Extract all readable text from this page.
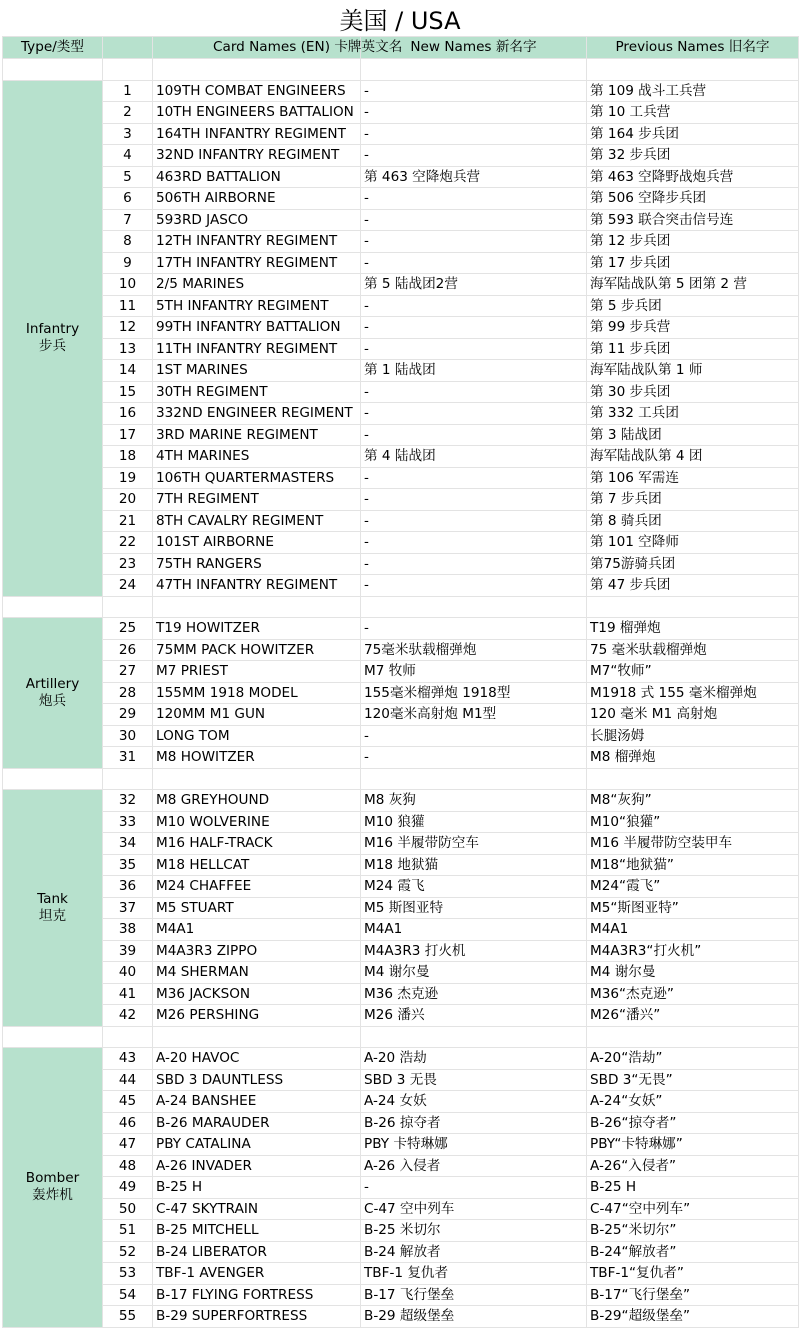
美国 / USA
Type/类型		Card Names (EN) 卡牌英文名	New Names 新名字	Previous Names 旧名字

Infantry
步兵	1	109TH COMBAT ENGINEERS	-	第 109 战斗工兵营
	2	10TH ENGINEERS BATTALION	-	第 10 工兵营
	3	164TH INFANTRY REGIMENT	-	第 164 步兵团
	4	32ND INFANTRY REGIMENT	-	第 32 步兵团
	5	463RD BATTALION	第 463 空降炮兵营	第 463 空降野战炮兵营
	6	506TH AIRBORNE	-	第 506 空降步兵团
	7	593RD JASCO	-	第 593 联合突击信号连
	8	12TH INFANTRY REGIMENT	-	第 12 步兵团
	9	17TH INFANTRY REGIMENT	-	第 17 步兵团
	10	2/5 MARINES	第 5 陆战团2营	海军陆战队第 5 团第 2 营
	11	5TH INFANTRY REGIMENT	-	第 5 步兵团
	12	99TH INFANTRY BATTALION	-	第 99 步兵营
	13	11TH INFANTRY REGIMENT	-	第 11 步兵团
	14	1ST MARINES	第 1 陆战团	海军陆战队第 1 师
	15	30TH REGIMENT	-	第 30 步兵团
	16	332ND ENGINEER REGIMENT	-	第 332 工兵团
	17	3RD MARINE REGIMENT	-	第 3 陆战团
	18	4TH MARINES	第 4 陆战团	海军陆战队第 4 团
	19	106TH QUARTERMASTERS	-	第 106 军需连
	20	7TH REGIMENT	-	第 7 步兵团
	21	8TH CAVALRY REGIMENT	-	第 8 骑兵团
	22	101ST AIRBORNE	-	第 101 空降师
	23	75TH RANGERS	-	第75游骑兵团
	24	47TH INFANTRY REGIMENT	-	第 47 步兵团

Artillery
炮兵	25	T19 HOWITZER	-	T19 榴弹炮
	26	75MM PACK HOWITZER	75毫米驮载榴弹炮	75 毫米驮载榴弹炮
	27	M7 PRIEST	M7 牧师	M7“牧师”
	28	155MM 1918 MODEL	155毫米榴弹炮 1918型	M1918 式 155 毫米榴弹炮
	29	120MM M1 GUN	120毫米高射炮 M1型	120 毫米 M1 高射炮
	30	LONG TOM	-	长腿汤姆
	31	M8 HOWITZER	-	M8 榴弹炮

Tank
坦克	32	M8 GREYHOUND	M8 灰狗	M8“灰狗”
	33	M10 WOLVERINE	M10 狼獾	M10“狼獾”
	34	M16 HALF-TRACK	M16 半履带防空车	M16 半履带防空装甲车
	35	M18 HELLCAT	M18 地狱猫	M18“地狱猫”
	36	M24 CHAFFEE	M24 霞飞	M24“霞飞”
	37	M5 STUART	M5 斯图亚特	M5“斯图亚特”
	38	M4A1	M4A1	M4A1
	39	M4A3R3 ZIPPO	M4A3R3 打火机	M4A3R3“打火机”
	40	M4 SHERMAN	M4 谢尔曼	M4 谢尔曼
	41	M36 JACKSON	M36 杰克逊	M36“杰克逊”
	42	M26 PERSHING	M26 潘兴	M26“潘兴”

Bomber
轰炸机	43	A-20 HAVOC	A-20 浩劫	A-20“浩劫”
	44	SBD 3 DAUNTLESS	SBD 3 无畏	SBD 3“无畏”
	45	A-24 BANSHEE	A-24 女妖	A-24“女妖”
	46	B-26 MARAUDER	B-26 掠夺者	B-26“掠夺者”
	47	PBY CATALINA	PBY 卡特琳娜	PBY“卡特琳娜”
	48	A-26 INVADER	A-26 入侵者	A-26“入侵者”
	49	B-25 H	-	B-25 H
	50	C-47 SKYTRAIN	C-47 空中列车	C-47“空中列车”
	51	B-25 MITCHELL	B-25 米切尔	B-25“米切尔”
	52	B-24 LIBERATOR	B-24 解放者	B-24“解放者”
	53	TBF-1 AVENGER	TBF-1 复仇者	TBF-1“复仇者”
	54	B-17 FLYING FORTRESS	B-17 飞行堡垒	B-17“飞行堡垒”
	55	B-29 SUPERFORTRESS	B-29 超级堡垒	B-29“超级堡垒”
